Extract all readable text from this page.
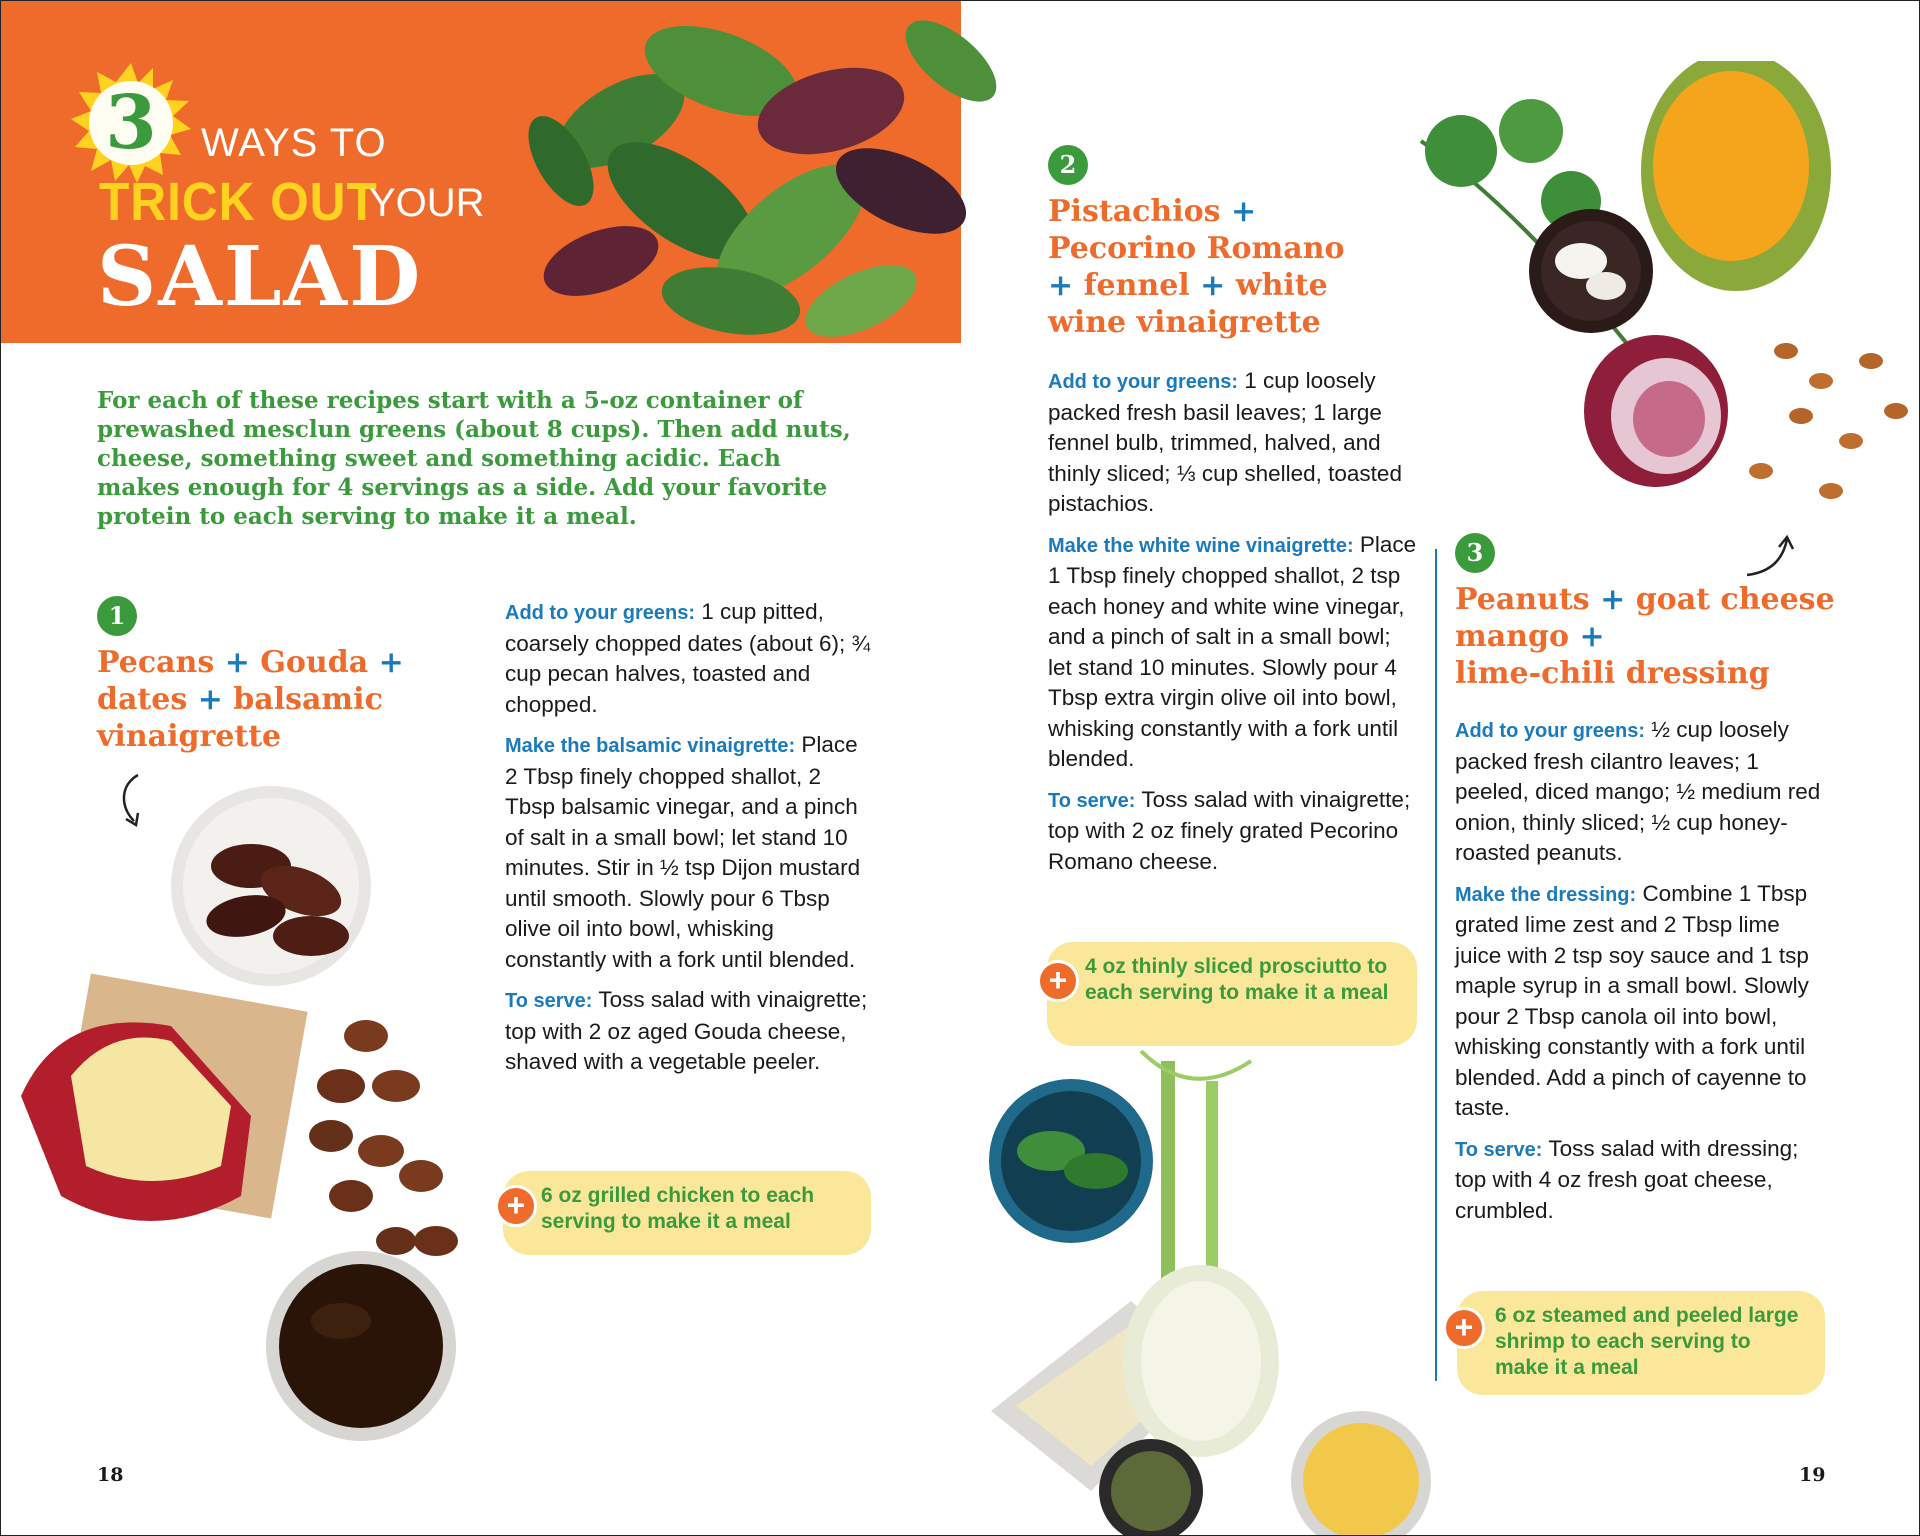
3	WAYS TO
TRICK OUT
YOUR
SALAD
For each of these recipes start with a 5-oz container of prewashed mesclun greens (about 8 cups). Then add nuts, cheese, something sweet and something acidic. Each makes enough for 4 servings as a side. Add your favorite protein to each serving to make it a meal.
1
Pecans + Gouda +
dates + balsamic vinaigrette

Add to your greens: 1 cup pitted, coarsely chopped dates (about 6); ¾ cup pecan halves, toasted and chopped.

Make the balsamic vinaigrette: Place 2 Tbsp finely chopped shallot, 2 Tbsp balsamic vinegar, and a pinch of salt in a small bowl; let stand 10 minutes. Stir in ½ tsp Dijon mustard until smooth. Slowly pour 6 Tbsp olive oil into bowl, whisking constantly with a fork until blended.

To serve: Toss salad with vinaigrette; top with 2 oz aged Gouda cheese, shaved with a vegetable peeler.

6 oz grilled chicken to each serving to make it a meal
+
2
Pistachios +
Pecorino Romano
+ fennel + white wine vinaigrette

Add to your greens: 1 cup loosely packed fresh basil leaves; 1 large fennel bulb, trimmed, halved, and thinly sliced; ⅓ cup shelled, toasted pistachios.

Make the white wine vinaigrette: Place 1 Tbsp finely chopped shallot, 2 tsp each honey and white wine vinegar, and a pinch of salt in a small bowl; let stand 10 minutes. Slowly pour 4 Tbsp extra virgin olive oil into bowl, whisking constantly with a fork until blended.

To serve: Toss salad with vinaigrette; top with 2 oz finely grated Pecorino Romano cheese.

4 oz thinly sliced prosciutto to each serving to make it a meal
+
3
Peanuts + goat cheese
mango +
lime-chili dressing

Add to your greens: ½ cup loosely packed fresh cilantro leaves; 1 peeled, diced mango; ½ medium red onion, thinly sliced; ½ cup honey-roasted peanuts.

Make the dressing: Combine 1 Tbsp grated lime zest and 2 Tbsp lime juice with 2 tsp soy sauce and 1 tsp maple syrup in a small bowl. Slowly pour 2 Tbsp canola oil into bowl, whisking constantly with a fork until blended. Add a pinch of cayenne to taste.

To serve: Toss salad with dressing; top with 4 oz fresh goat cheese, crumbled.

6 oz steamed and peeled large shrimp to each serving to make it a meal
+
18	19
